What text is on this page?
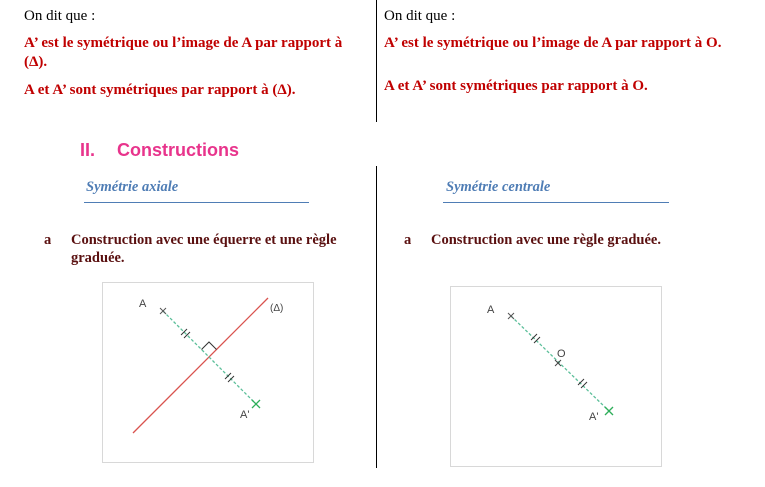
On dit que :
A’ est le symétrique ou l’image de A par rapport à (Δ).
A et A’ sont symétriques par rapport à (Δ).
On dit que :
A’ est le symétrique ou l’image de A par rapport à O.
A et A’ sont symétriques par rapport à O.
II. Constructions
Symétrie axiale	Symétrie centrale
a Construction avec une équerre et une règle graduée.
a Construction avec une règle graduée.
A
A'
(Δ)	A
O
A'
